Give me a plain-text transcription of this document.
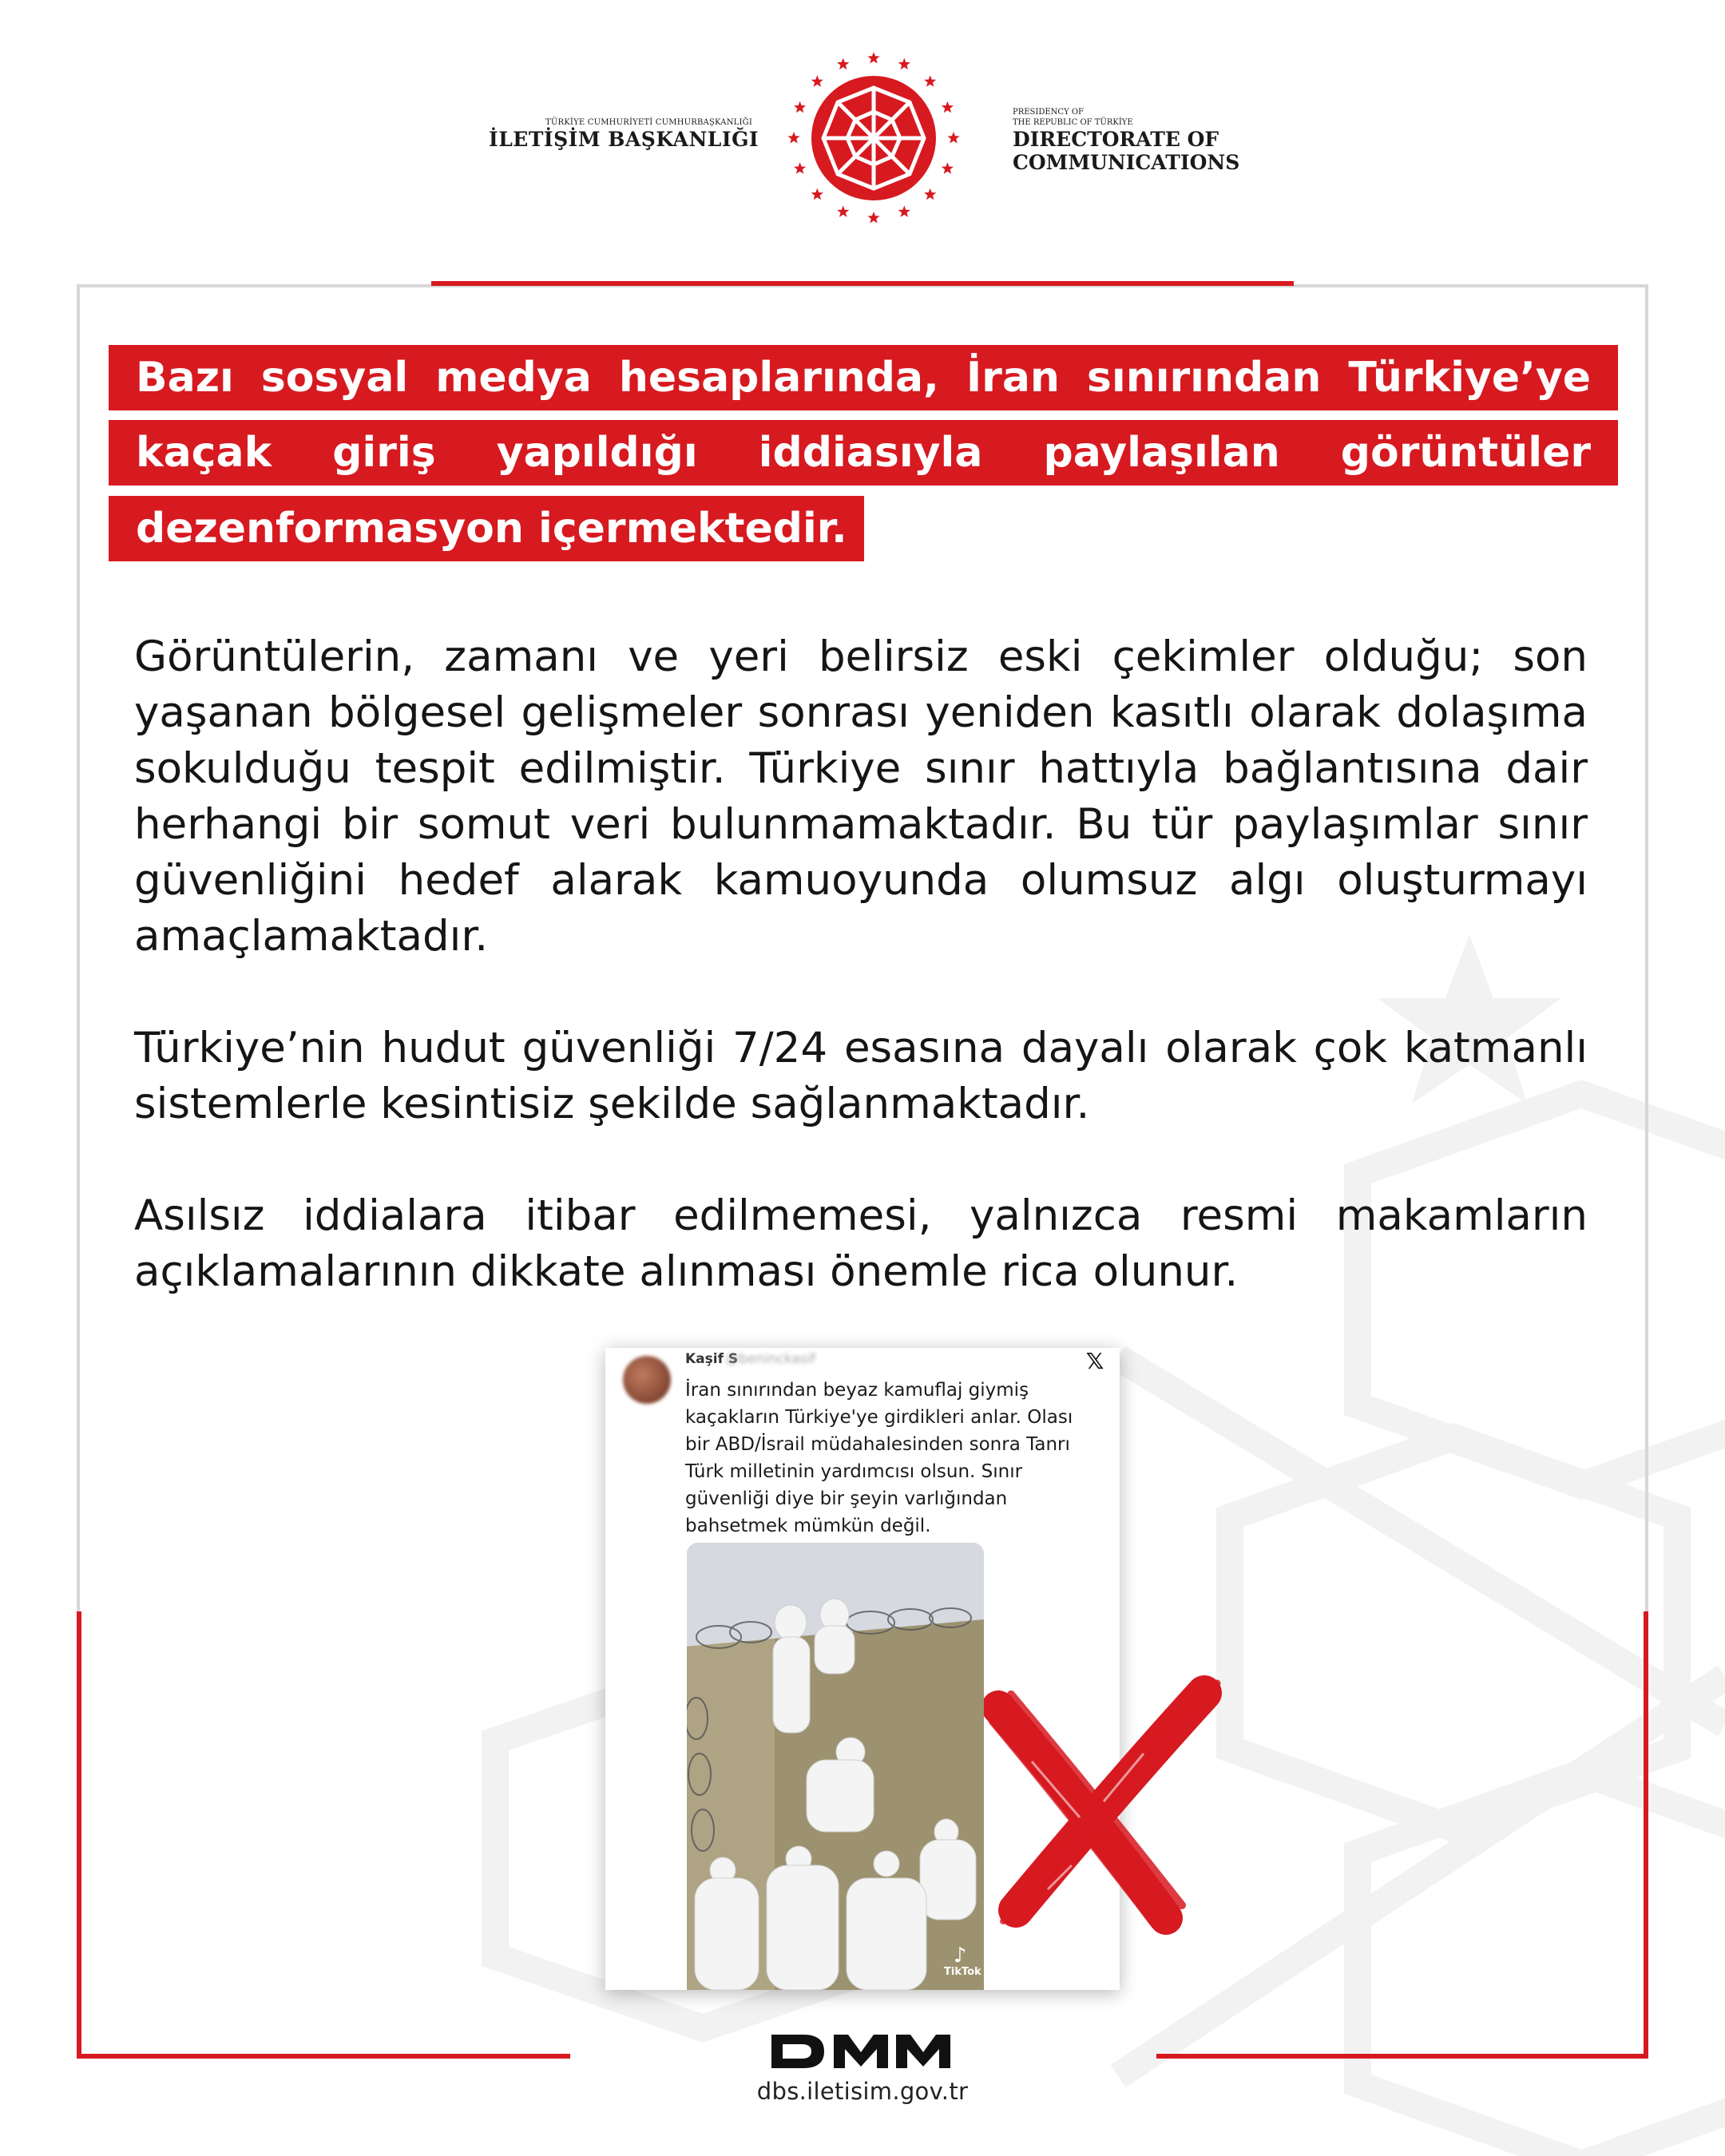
TÜRKİYE CUMHURİYETİ CUMHURBAŞKANLIĞI
İLETİŞİM BAŞKANLIĞI
PRESIDENCY OF
THE REPUBLIC OF TÜRKİYE
DIRECTORATE OF
COMMUNICATIONS
Bazı sosyal medya hesaplarında, İran sınırından Türkiye’ye
kaçak giriş yapıldığı iddiasıyla paylaşılan görüntüler
dezenformasyon içermektedir.
Görüntülerin, zamanı ve yeri belirsiz eski çekimler olduğu; son yaşanan bölgesel gelişmeler sonrası yeniden kasıtlı olarak dolaşıma sokulduğu tespit edilmiştir. Türkiye sınır hattıyla bağlantısına dair herhangi bir somut veri bulunmamaktadır. Bu tür paylaşımlar sınır güvenliğini hedef alarak kamuoyunda olumsuz algı oluşturmayı amaçlamaktadır.
Türkiye’nin hudut güvenliği 7/24 esasına dayalı olarak çok katmanlı sistemlerle kesintisiz şekilde sağlanmaktadır.
Asılsız iddialara itibar edilmemesi, yalnızca resmi makamların açıklamalarının dikkate alınması önemle rica olunur.
Kaşif S
@beninckasif	𝕏
İran sınırından beyaz kamuflaj giymiş kaçakların Türkiye'ye girdikleri anlar. Olası bir ABD/İsrail müdahalesinden sonra Tanrı Türk milletinin yardımcısı olsun. Sınır güvenliği diye bir şeyin varlığından bahsetmek mümkün değil.
♪
TikTok
dbs.iletisim.gov.tr
